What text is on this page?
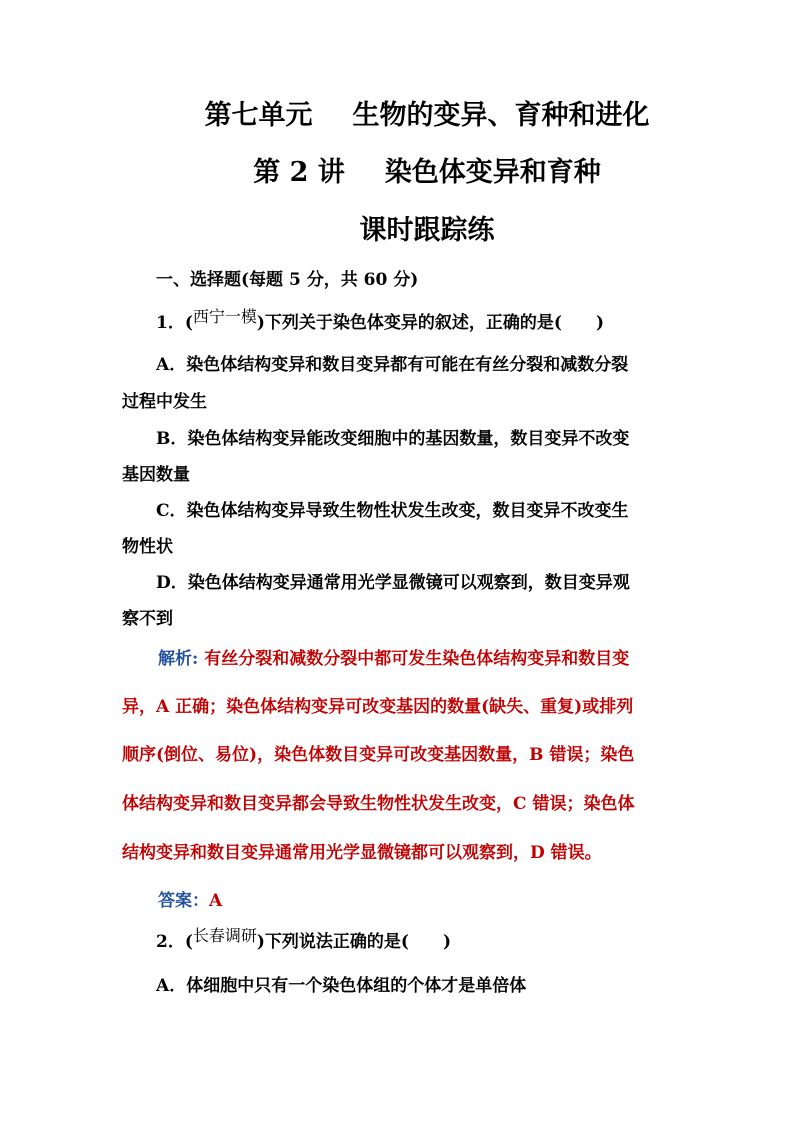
第七单元 生物的变异、育种和进化
第 2 讲 染色体变异和育种
课时跟踪练
一、选择题(每题 5 分，共 60 分)
1．(西宁一模)下列关于染色体变异的叙述，正确的是(　　)
A．染色体结构变异和数目变异都有可能在有丝分裂和减数分裂
过程中发生
B．染色体结构变异能改变细胞中的基因数量，数目变异不改变
基因数量
C．染色体结构变异导致生物性状发生改变，数目变异不改变生
物性状
D．染色体结构变异通常用光学显微镜可以观察到，数目变异观
察不到
解析: 有丝分裂和减数分裂中都可发生染色体结构变异和数目变
异，A 正确；染色体结构变异可改变基因的数量(缺失、重复)或排列
顺序(倒位、易位)，染色体数目变异可改变基因数量，B 错误；染色
体结构变异和数目变异都会导致生物性状发生改变，C 错误；染色体
结构变异和数目变异通常用光学显微镜都可以观察到，D 错误。
答案：A
2．(长春调研)下列说法正确的是(　　)
A．体细胞中只有一个染色体组的个体才是单倍体
